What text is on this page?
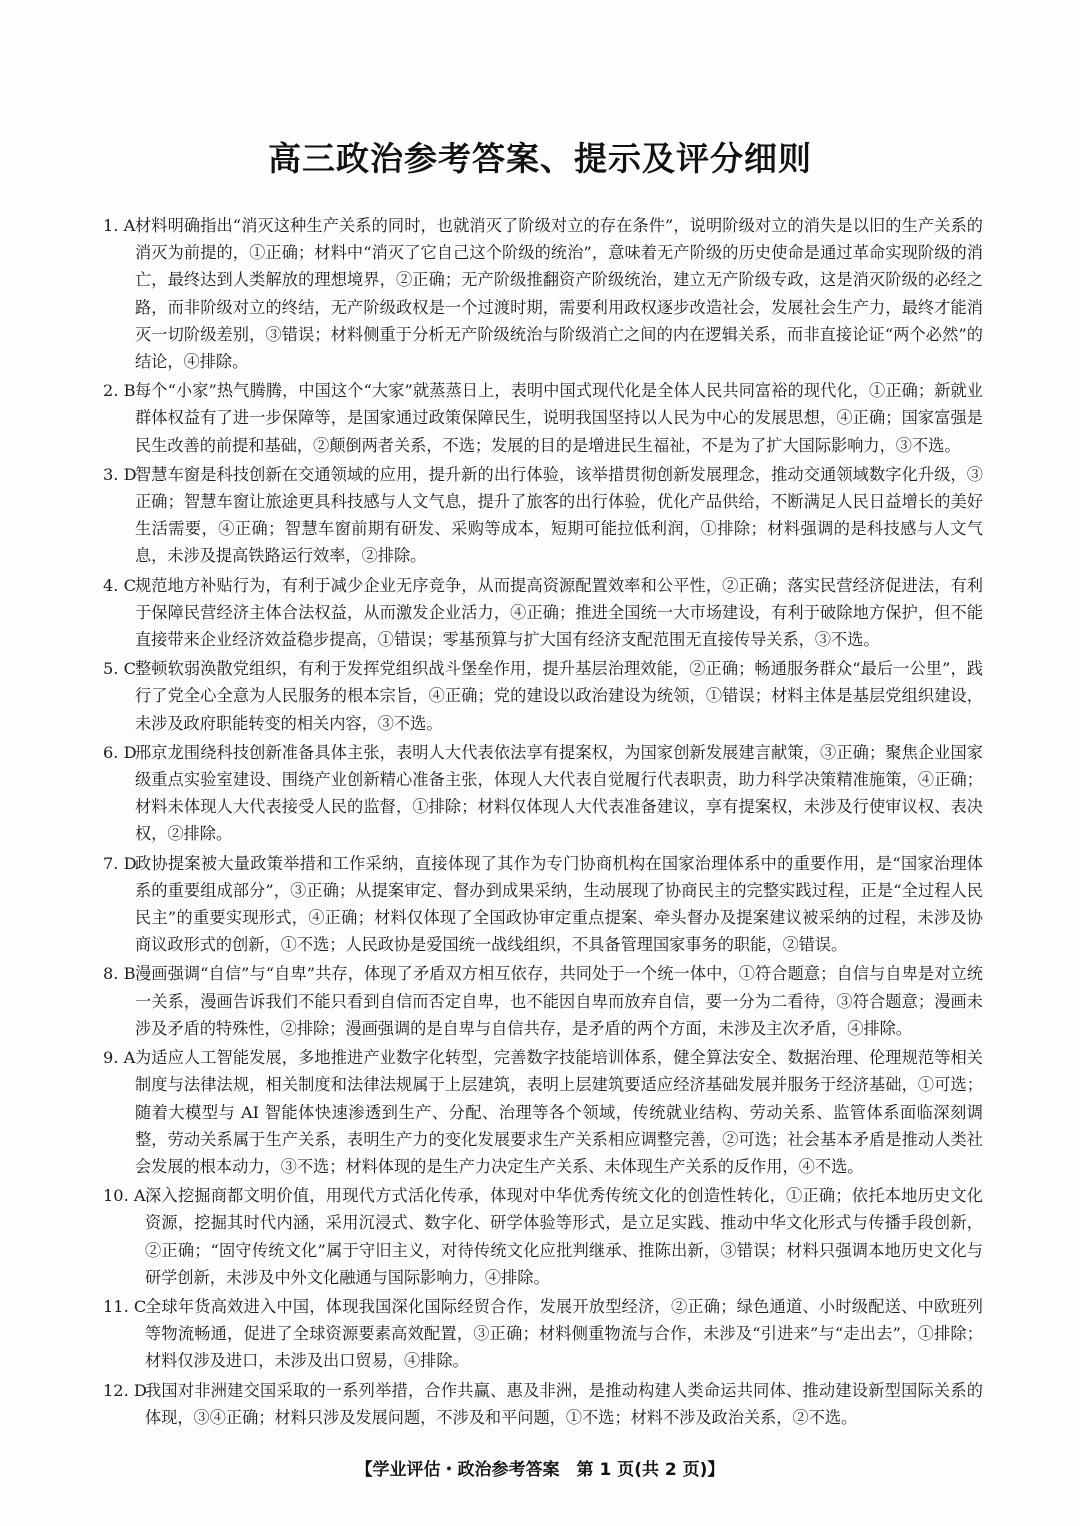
高三政治参考答案、提示及评分细则
1. A 材料明确指出“消灭这种生产关系的同时，也就消灭了阶级对立的存在条件”，说明阶级对立的消失是以旧的生产关系的消灭为前提的，①正确；材料中“消灭了它自己这个阶级的统治”，意味着无产阶级的历史使命是通过革命实现阶级的消亡，最终达到人类解放的理想境界，②正确；无产阶级推翻资产阶级统治，建立无产阶级专政，这是消灭阶级的必经之路，而非阶级对立的终结，无产阶级政权是一个过渡时期，需要利用政权逐步改造社会，发展社会生产力，最终才能消灭一切阶级差别，③错误；材料侧重于分析无产阶级统治与阶级消亡之间的内在逻辑关系，而非直接论证“两个必然”的结论，④排除。
2. B 每个“小家”热气腾腾，中国这个“大家”就蒸蒸日上，表明中国式现代化是全体人民共同富裕的现代化，①正确；新就业群体权益有了进一步保障等，是国家通过政策保障民生，说明我国坚持以人民为中心的发展思想，④正确；国家富强是民生改善的前提和基础，②颠倒两者关系，不选；发展的目的是增进民生福祉，不是为了扩大国际影响力，③不选。
3. D
智慧车窗是科技创新在交通领域的应用，提升新的出行体验，该举措贯彻创新发展理念，推动交通领域数字化升级，③正确；智慧车窗让旅途更具科技感与人文气息，提升了旅客的出行体验，优化产品供给，不断满足人民日益增长的美好生活需要，④正确；智慧车窗前期有研发、采购等成本，短期可能拉低利润，①排除；材料强调的是科技感与人文气息，未涉及提高铁路运行效率，②排除。
4. C 规范地方补贴行为，有利于减少企业无序竞争，从而提高资源配置效率和公平性，②正确；落实民营经济促进法，有利于保障民营经济主体合法权益，从而激发企业活力，④正确；推进全国统一大市场建设，有利于破除地方保护，但不能直接带来企业经济效益稳步提高，①错误；零基预算与扩大国有经济支配范围无直接传导关系，③不选。
5. C 整顿软弱涣散党组织，有利于发挥党组织战斗堡垒作用，提升基层治理效能，②正确；畅通服务群众“最后一公里”，践行了党全心全意为人民服务的根本宗旨，④正确；党的建设以政治建设为统领，①错误；材料主体是基层党组织建设，未涉及政府职能转变的相关内容，③不选。
6. D
邢京龙围绕科技创新准备具体主张，表明人大代表依法享有提案权，为国家创新发展建言献策，③正确；聚焦企业国家级重点实验室建设、围绕产业创新精心准备主张，体现人大代表自觉履行代表职责，助力科学决策精准施策，④正确；材料未体现人大代表接受人民的监督，①排除；材料仅体现人大代表准备建议，享有提案权，未涉及行使审议权、表决权，②排除。
7. D
政协提案被大量政策举措和工作采纳，直接体现了其作为专门协商机构在国家治理体系中的重要作用，是“国家治理体系的重要组成部分”，③正确；从提案审定、督办到成果采纳，生动展现了协商民主的完整实践过程，正是“全过程人民民主”的重要实现形式，④正确；材料仅体现了全国政协审定重点提案、牵头督办及提案建议被采纳的过程，未涉及协商议政形式的创新，①不选；人民政协是爱国统一战线组织，不具备管理国家事务的职能，②错误。
8. B 漫画强调“自信”与“自卑”共存，体现了矛盾双方相互依存，共同处于一个统一体中，①符合题意；自信与自卑是对立统一关系，漫画告诉我们不能只看到自信而否定自卑，也不能因自卑而放弃自信，要一分为二看待，③符合题意；漫画未涉及矛盾的特殊性，②排除；漫画强调的是自卑与自信共存，是矛盾的两个方面，未涉及主次矛盾，④排除。
9. A 为适应人工智能发展，多地推进产业数字化转型，完善数字技能培训体系，健全算法安全、数据治理、伦理规范等相关制度与法律法规，相关制度和法律法规属于上层建筑，表明上层建筑要适应经济基础发展并服务于经济基础，①可选；随着大模型与 AI 智能体快速渗透到生产、分配、治理等各个领域，传统就业结构、劳动关系、监管体系面临深刻调整，劳动关系属于生产关系，表明生产力的变化发展要求生产关系相应调整完善，②可选；社会基本矛盾是推动人类社会发展的根本动力，③不选；材料体现的是生产力决定生产关系、未体现生产关系的反作用，④不选。
10. A 深入挖掘商都文明价值，用现代方式活化传承，体现对中华优秀传统文化的创造性转化，①正确；依托本地历史文化资源，挖掘其时代内涵，采用沉浸式、数字化、研学体验等形式，是立足实践、推动中华文化形式与传播手段创新，②正确；“固守传统文化”属于守旧主义，对待传统文化应批判继承、推陈出新，③错误；材料只强调本地历史文化与研学创新，未涉及中外文化融通与国际影响力，④排除。
11. C
全球年货高效进入中国，体现我国深化国际经贸合作，发展开放型经济，②正确；绿色通道、小时级配送、中欧班列等物流畅通，促进了全球资源要素高效配置，③正确；材料侧重物流与合作，未涉及“引进来”与“走出去”，①排除；材料仅涉及进口，未涉及出口贸易，④排除。
12. D
我国对非洲建交国采取的一系列举措，合作共赢、惠及非洲，是推动构建人类命运共同体、推动建设新型国际关系的体现，③④正确；材料只涉及发展问题，不涉及和平问题，①不选；材料不涉及政治关系，②不选。
【学业评估・政治参考答案　第 1 页(共 2 页)】
